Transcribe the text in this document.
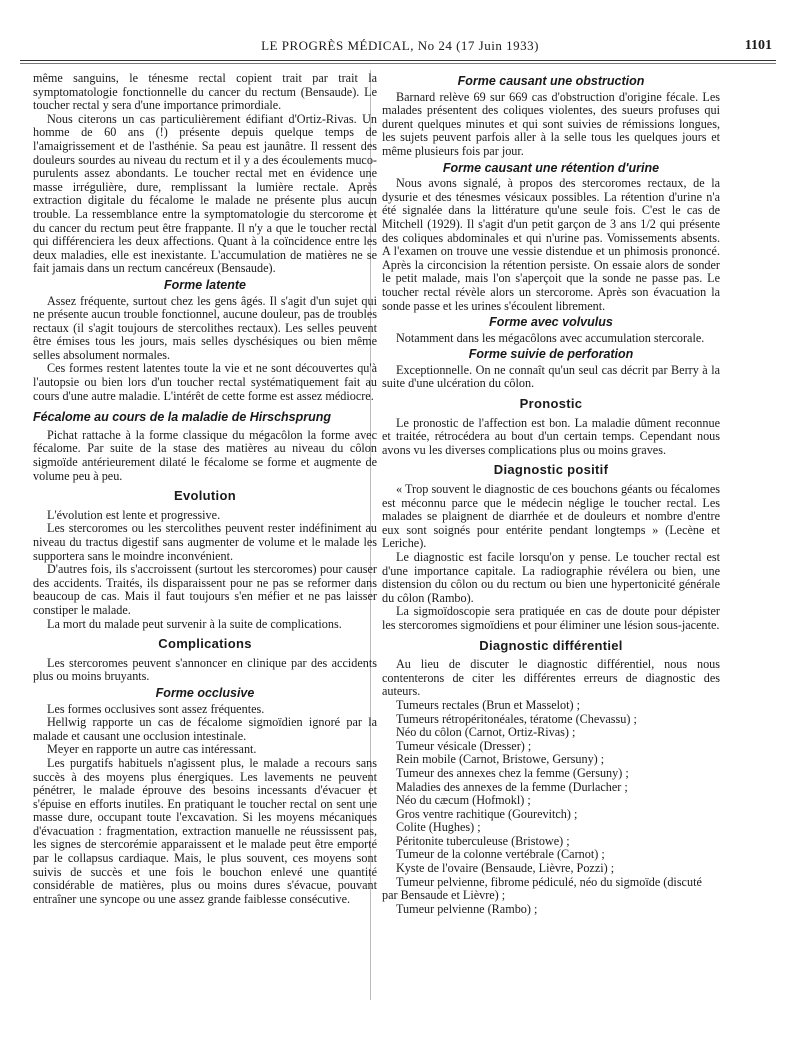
LE PROGRÈS MÉDICAL, No 24 (17 Juin 1933)	1101

même sanguins, le ténesme rectal copient trait par trait la symptomatologie fonctionnelle du cancer du rectum (Bensaude). Le toucher rectal y sera d'une importance primordiale.

Nous citerons un cas particulièrement édifiant d'Ortiz-Rivas. Un homme de 60 ans (!) présente depuis quelque temps de l'amaigrissement et de l'asthénie. Sa peau est jaunâtre. Il ressent des douleurs sourdes au niveau du rectum et il y a des écoulements muco-purulents assez abondants. Le toucher rectal met en évidence une masse irrégulière, dure, remplissant la lumière rectale. Après extraction digitale du fécalome le malade ne présente plus aucun trouble. La ressemblance entre la symptomatologie du stercorome et du cancer du rectum peut être frappante. Il n'y a que le toucher rectal qui différenciera les deux affections. Quant à la coïncidence entre les deux maladies, elle est inexistante. L'accumulation de matières ne se fait jamais dans un rectum cancéreux (Bensaude).

Forme latente

Assez fréquente, surtout chez les gens âgés. Il s'agit d'un sujet qui ne présente aucun trouble fonctionnel, aucune douleur, pas de troubles rectaux (il s'agit toujours de stercolithes rectaux). Les selles peuvent être émises tous les jours, mais selles dyschésiques ou bien même selles absolument normales.

Ces formes restent latentes toute la vie et ne sont découvertes qu'à l'autopsie ou bien lors d'un toucher rectal systématiquement fait au cours d'une autre maladie. L'intérêt de cette forme est assez médiocre.

Fécalome au cours de la maladie de Hirschsprung

Pichat rattache à la forme classique du mégacôlon la forme avec fécalome. Par suite de la stase des matières au niveau du côlon sigmoïde antérieurement dilaté le fécalome se forme et augmente de volume peu à peu.

Evolution

L'évolution est lente et progressive.

Les stercoromes ou les stercolithes peuvent rester indéfiniment au niveau du tractus digestif sans augmenter de volume et le malade les supportera sans le moindre inconvénient.

D'autres fois, ils s'accroissent (surtout les stercoromes) pour causer des accidents. Traités, ils disparaissent pour ne pas se reformer dans beaucoup de cas. Mais il faut toujours s'en méfier et ne pas laisser constiper le malade.

La mort du malade peut survenir à la suite de complications.

Complications

Les stercoromes peuvent s'annoncer en clinique par des accidents plus ou moins bruyants.

Forme occlusive

Les formes occlusives sont assez fréquentes.

Hellwig rapporte un cas de fécalome sigmoïdien ignoré par la malade et causant une occlusion intestinale.

Meyer en rapporte un autre cas intéressant.

Les purgatifs habituels n'agissent plus, le malade a recours sans succès à des moyens plus énergiques. Les lavements ne peuvent pénétrer, le malade éprouve des besoins incessants d'évacuer et s'épuise en efforts inutiles. En pratiquant le toucher rectal on sent une masse dure, occupant toute l'excavation. Si les moyens mécaniques d'évacuation : fragmentation, extraction manuelle ne réussissent pas, les signes de stercorémie apparaissent et le malade peut être emporté par le collapsus cardiaque. Mais, le plus souvent, ces moyens sont suivis de succès et une fois le bouchon enlevé une quantité considérable de matières, plus ou moins dures s'évacue, pouvant entraîner une syncope ou une assez grande faiblesse consécutive.

Forme causant une obstruction

Barnard relève 69 sur 669 cas d'obstruction d'origine fécale. Les malades présentent des coliques violentes, des sueurs profuses qui durent quelques minutes et qui sont suivies de rémissions longues, les sujets peuvent parfois aller à la selle tous les quelques jours et même plusieurs fois par jour.

Forme causant une rétention d'urine

Nous avons signalé, à propos des stercoromes rectaux, de la dysurie et des ténesmes vésicaux possibles. La rétention d'urine n'a été signalée dans la littérature qu'une seule fois. C'est le cas de Mitchell (1929). Il s'agit d'un petit garçon de 3 ans 1/2 qui présente des coliques abdominales et qui n'urine pas. Vomissements absents. A l'examen on trouve une vessie distendue et un phimosis prononcé. Après la circoncision la rétention persiste. On essaie alors de sonder le petit malade, mais l'on s'aperçoit que la sonde ne passe pas. Le toucher rectal révèle alors un stercorome. Après son évacuation la sonde passe et les urines s'écoulent librement.

Forme avec volvulus

Notamment dans les mégacôlons avec accumulation stercorale.

Forme suivie de perforation

Exceptionnelle. On ne connaît qu'un seul cas décrit par Berry à la suite d'une ulcération du côlon.

Pronostic

Le pronostic de l'affection est bon. La maladie dûment reconnue et traitée, rétrocédera au bout d'un certain temps. Cependant nous avons vu les diverses complications plus ou moins graves.

Diagnostic positif

« Trop souvent le diagnostic de ces bouchons géants ou fécalomes est méconnu parce que le médecin néglige le toucher rectal. Les malades se plaignent de diarrhée et de douleurs et nombre d'entre eux sont soignés pour entérite pendant longtemps » (Lecène et Leriche).

Le diagnostic est facile lorsqu'on y pense. Le toucher rectal est d'une importance capitale. La radiographie révélera ou bien, une distension du côlon ou du rectum ou bien une hypertonicité générale du côlon (Rambo).

La sigmoïdoscopie sera pratiquée en cas de doute pour dépister les stercoromes sigmoïdiens et pour éliminer une lésion sous-jacente.

Diagnostic différentiel

Au lieu de discuter le diagnostic différentiel, nous nous contenterons de citer les différentes erreurs de diagnostic des auteurs.

Tumeurs rectales (Brun et Masselot) ;
Tumeurs rétropéritonéales, tératome (Chevassu) ;
Néo du côlon (Carnot, Ortiz-Rivas) ;
Tumeur vésicale (Dresser) ;
Rein mobile (Carnot, Bristowe, Gersuny) ;
Tumeur des annexes chez la femme (Gersuny) ;
Maladies des annexes de la femme (Durlacher ;
Néo du cæcum (Hofmokl) ;
Gros ventre rachitique (Gourevitch) ;
Colite (Hughes) ;
Péritonite tuberculeuse (Bristowe) ;
Tumeur de la colonne vertébrale (Carnot) ;
Kyste de l'ovaire (Bensaude, Lièvre, Pozzi) ;
Tumeur pelvienne, fibrome pédiculé, néo du sigmoïde (discuté par Bensaude et Lièvre) ;
Tumeur pelvienne (Rambo) ;
